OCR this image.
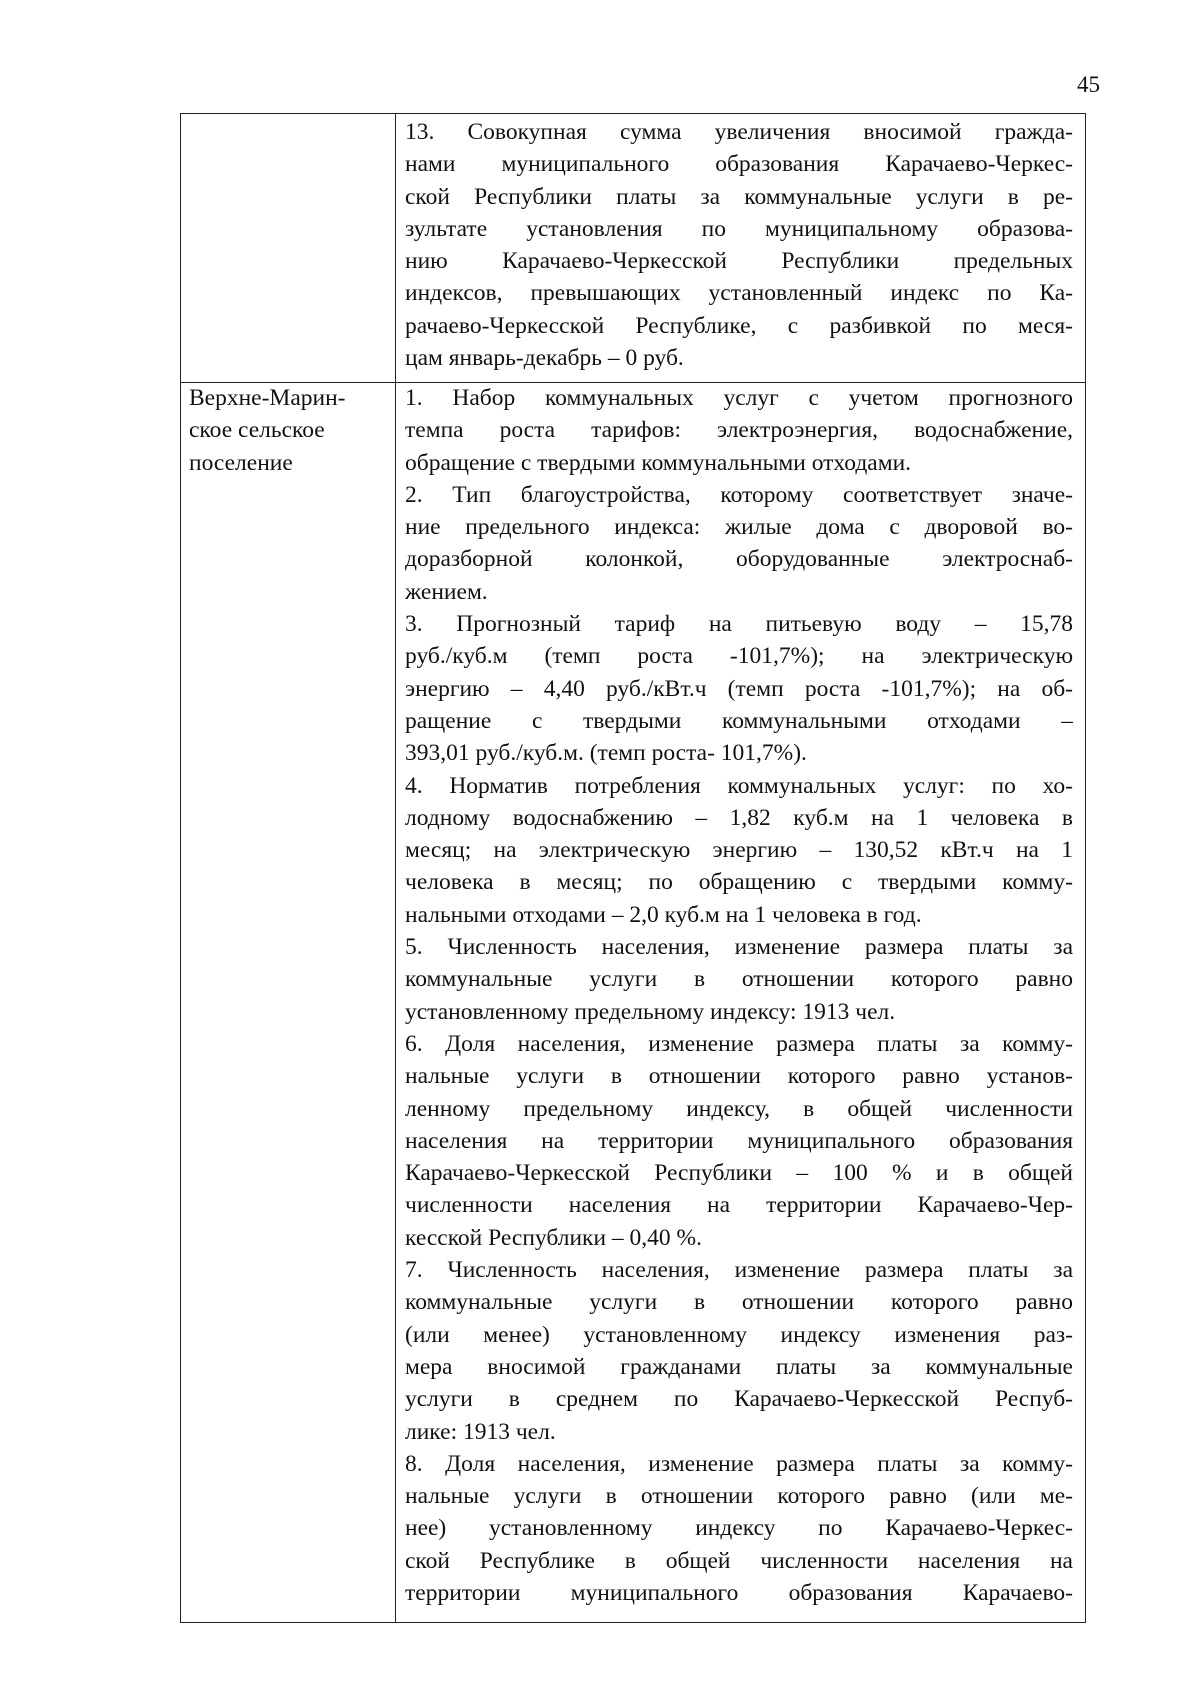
45
13. Совокупная сумма увеличения вносимой гражда-
нами муниципального образования Карачаево-Черкес-
ской Республики платы за коммунальные услуги в ре-
зультате установления по муниципальному образова-
нию Карачаево-Черкесской Республики предельных
индексов, превышающих установленный индекс по Ка-
рачаево-Черкесской Республике, с разбивкой по меся-
цам январь-декабрь – 0 руб.
Верхне-Марин-
ское сельское
поселение
1. Набор коммунальных услуг с учетом прогнозного
темпа роста тарифов: электроэнергия, водоснабжение,
обращение с твердыми коммунальными отходами.
2. Тип благоустройства, которому соответствует значе-
ние предельного индекса: жилые дома с дворовой во-
доразборной колонкой, оборудованные электроснаб-
жением.
3. Прогнозный тариф на питьевую воду – 15,78
руб./куб.м (темп роста -101,7%); на электрическую
энергию – 4,40 руб./кВт.ч (темп роста -101,7%); на об-
ращение с твердыми коммунальными отходами –
393,01 руб./куб.м. (темп роста- 101,7%).
4. Норматив потребления коммунальных услуг: по хо-
лодному водоснабжению – 1,82 куб.м на 1 человека в
месяц; на электрическую энергию – 130,52 кВт.ч на 1
человека в месяц; по обращению с твердыми комму-
нальными отходами – 2,0 куб.м на 1 человека в год.
5. Численность населения, изменение размера платы за
коммунальные услуги в отношении которого равно
установленному предельному индексу: 1913 чел.
6. Доля населения, изменение размера платы за комму-
нальные услуги в отношении которого равно установ-
ленному предельному индексу, в общей численности
населения на территории муниципального образования
Карачаево-Черкесской Республики – 100 % и в общей
численности населения на территории Карачаево-Чер-
кесской Республики – 0,40 %.
7. Численность населения, изменение размера платы за
коммунальные услуги в отношении которого равно
(или менее) установленному индексу изменения раз-
мера вносимой гражданами платы за коммунальные
услуги в среднем по Карачаево-Черкесской Респуб-
лике: 1913 чел.
8. Доля населения, изменение размера платы за комму-
нальные услуги в отношении которого равно (или ме-
нее) установленному индексу по Карачаево-Черкес-
ской Республике в общей численности населения на
территории муниципального образования Карачаево-
